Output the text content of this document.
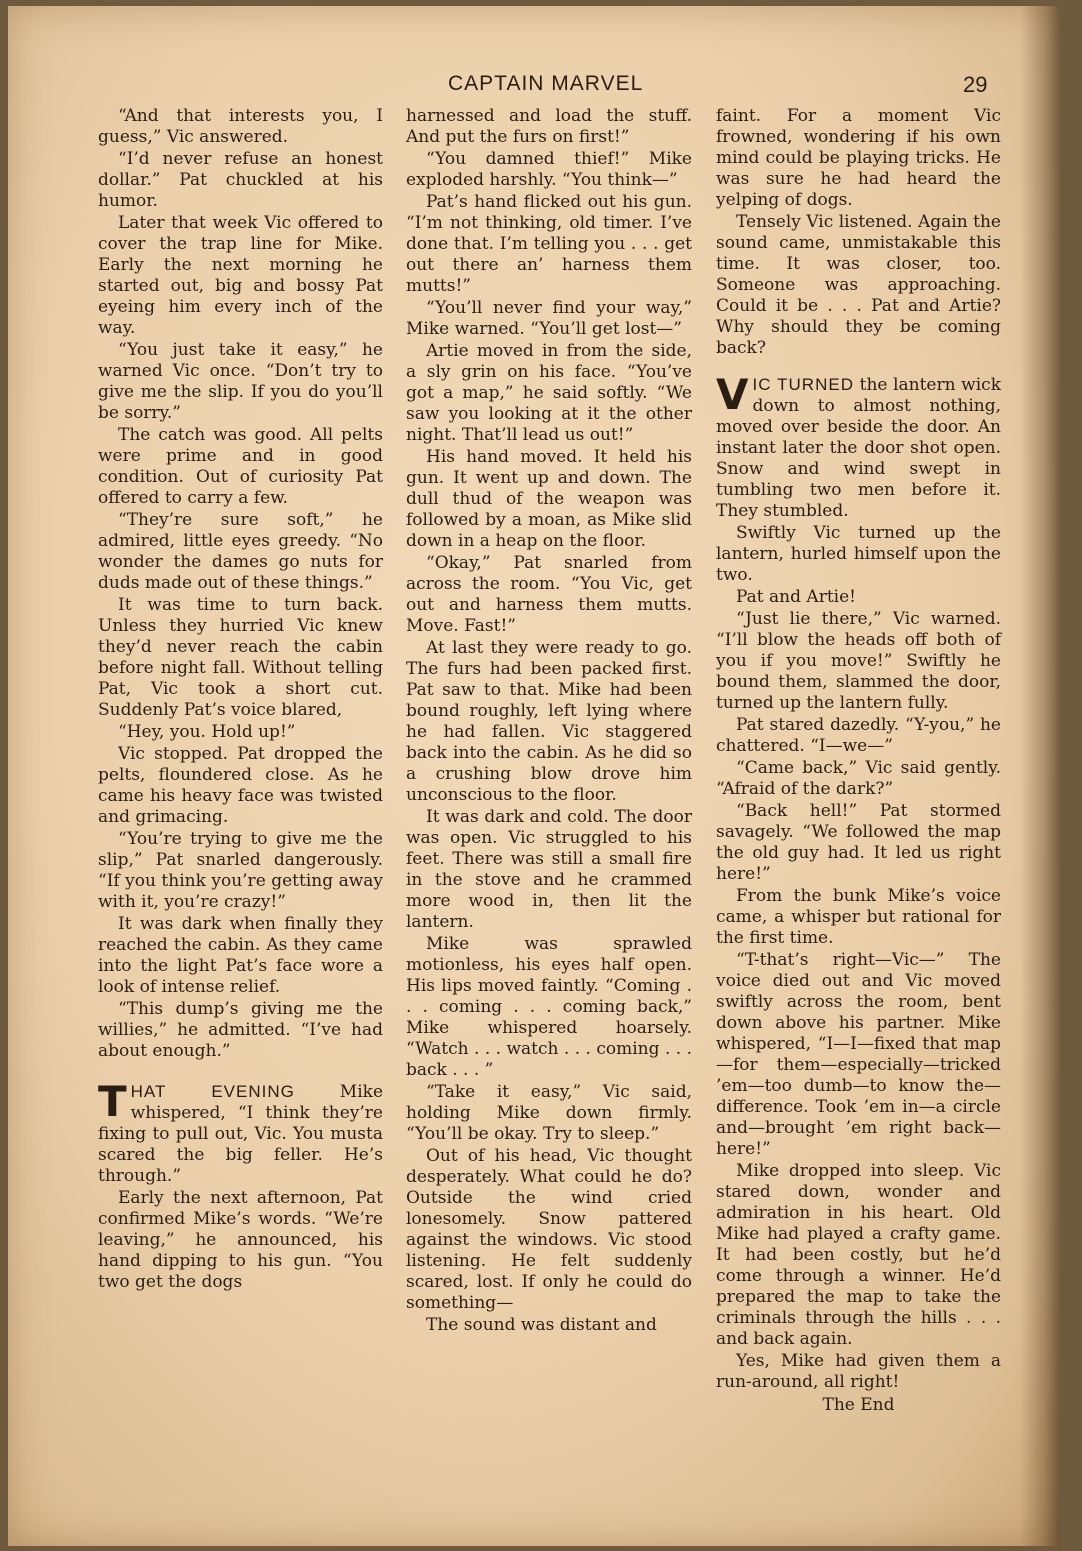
CAPTAIN MARVEL	29

“And that interests you, I guess,” Vic answered.

“I’d never refuse an honest dollar.” Pat chuckled at his humor.

Later that week Vic offered to cover the trap line for Mike. Early the next morning he started out, big and bossy Pat eyeing him every inch of the way.

“You just take it easy,” he warned Vic once. “Don’t try to give me the slip. If you do you’ll be sorry.”

The catch was good. All pelts were prime and in good condition. Out of curiosity Pat offered to carry a few.

“They’re sure soft,” he admired, little eyes greedy. “No wonder the dames go nuts for duds made out of these things.”

It was time to turn back. Unless they hurried Vic knew they’d never reach the cabin before night fall. Without telling Pat, Vic took a short cut. Suddenly Pat’s voice blared,

“Hey, you. Hold up!”

Vic stopped. Pat dropped the pelts, floundered close. As he came his heavy face was twisted and grimacing.

“You’re trying to give me the slip,” Pat snarled dangerously. “If you think you’re getting away with it, you’re crazy!”

It was dark when finally they reached the cabin. As they came into the light Pat’s face wore a look of intense relief.

“This dump’s giving me the willies,” he admitted. “I’ve had about enough.”

THAT EVENING Mike whispered, “I think they’re fixing to pull out, Vic. You musta scared the big feller. He’s through.”

Early the next afternoon, Pat confirmed Mike’s words. “We’re leaving,” he announced, his hand dipping to his gun. “You two get the dogs

harnessed and load the stuff. And put the furs on first!”

“You damned thief!” Mike exploded harshly. “You think—”

Pat’s hand flicked out his gun. “I’m not thinking, old timer. I’ve done that. I’m telling you . . . get out there an’ harness them mutts!”

“You’ll never find your way,” Mike warned. “You’ll get lost—”

Artie moved in from the side, a sly grin on his face. “You’ve got a map,” he said softly. “We saw you looking at it the other night. That’ll lead us out!”

His hand moved. It held his gun. It went up and down. The dull thud of the weapon was followed by a moan, as Mike slid down in a heap on the floor.

“Okay,” Pat snarled from across the room. “You Vic, get out and harness them mutts. Move. Fast!”

At last they were ready to go. The furs had been packed first. Pat saw to that. Mike had been bound roughly, left lying where he had fallen. Vic staggered back into the cabin. As he did so a crushing blow drove him unconscious to the floor.

It was dark and cold. The door was open. Vic struggled to his feet. There was still a small fire in the stove and he crammed more wood in, then lit the lantern.

Mike was sprawled motionless, his eyes half open. His lips moved faintly. “Coming . . . coming . . . coming back,” Mike whispered hoarsely. “Watch . . . watch . . . coming . . . back . . . ”

“Take it easy,” Vic said, holding Mike down firmly. “You’ll be okay. Try to sleep.”

Out of his head, Vic thought desperately. What could he do? Outside the wind cried lonesomely. Snow pattered against the windows. Vic stood listening. He felt suddenly scared, lost. If only he could do something—

The sound was distant and

faint. For a moment Vic frowned, wondering if his own mind could be playing tricks. He was sure he had heard the yelping of dogs.

Tensely Vic listened. Again the sound came, unmistakable this time. It was closer, too. Someone was approaching. Could it be . . . Pat and Artie? Why should they be coming back?

VIC TURNED the lantern wick down to almost nothing, moved over beside the door. An instant later the door shot open. Snow and wind swept in tumbling two men before it. They stumbled.

Swiftly Vic turned up the lantern, hurled himself upon the two.

Pat and Artie!

“Just lie there,” Vic warned. “I’ll blow the heads off both of you if you move!” Swiftly he bound them, slammed the door, turned up the lantern fully.

Pat stared dazedly. “Y-you,” he chattered. “I—we—”

“Came back,” Vic said gently. “Afraid of the dark?”

“Back hell!” Pat stormed savagely. “We followed the map the old guy had. It led us right here!”

From the bunk Mike’s voice came, a whisper but rational for the first time.

“T-that’s right—Vic—” The voice died out and Vic moved swiftly across the room, bent down above his partner. Mike whispered, “I—I—fixed that map—for them—especially—tricked ’em—too dumb—to know the—difference. Took ’em in—a circle and—brought ’em right back—here!”

Mike dropped into sleep. Vic stared down, wonder and admiration in his heart. Old Mike had played a crafty game. It had been costly, but he’d come through a winner. He’d prepared the map to take the criminals through the hills . . . and back again.

Yes, Mike had given them a run-around, all right!

The End
